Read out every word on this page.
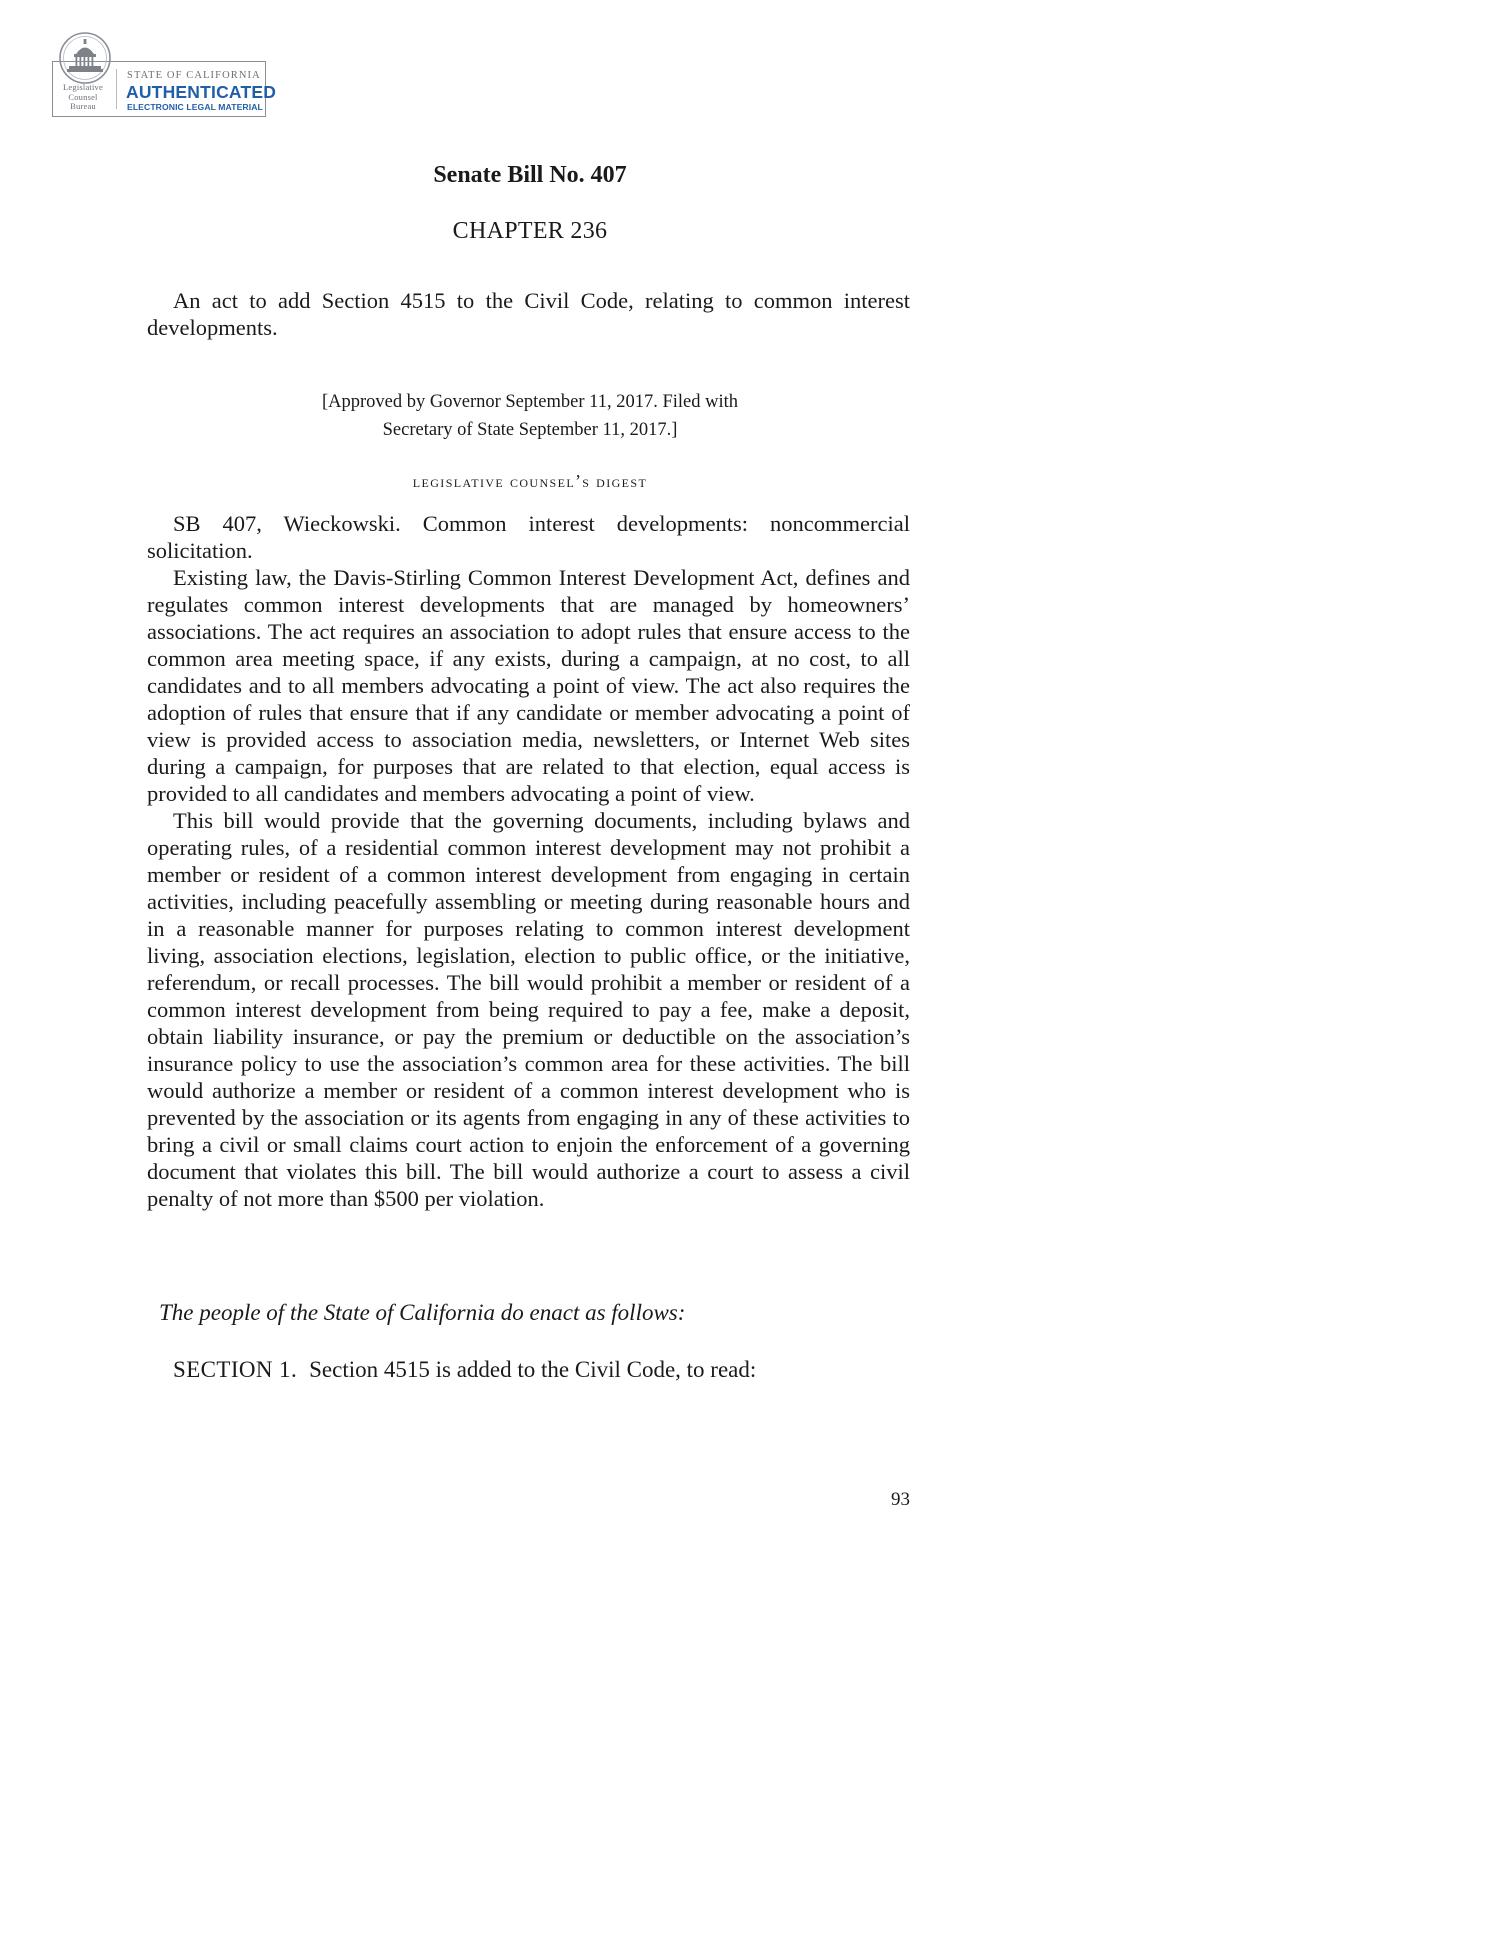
Legislative
Counsel
Bureau
STATE OF CALIFORNIA
AUTHENTICATED
ELECTRONIC LEGAL MATERIAL
Senate Bill No. 407
CHAPTER 236
An act to add Section 4515 to the Civil Code, relating to common interest developments.
[Approved by Governor September 11, 2017. Filed with
Secretary of State September 11, 2017.]
legislative counsel’s digest
SB 407, Wieckowski. Common interest developments: noncommercial solicitation.
Existing law, the Davis-Stirling Common Interest Development Act, defines and regulates common interest developments that are managed by homeowners’ associations. The act requires an association to adopt rules that ensure access to the common area meeting space, if any exists, during a campaign, at no cost, to all candidates and to all members advocating a point of view. The act also requires the adoption of rules that ensure that if any candidate or member advocating a point of view is provided access to association media, newsletters, or Internet Web sites during a campaign, for purposes that are related to that election, equal access is provided to all candidates and members advocating a point of view.
This bill would provide that the governing documents, including bylaws and operating rules, of a residential common interest development may not prohibit a member or resident of a common interest development from engaging in certain activities, including peacefully assembling or meeting during reasonable hours and in a reasonable manner for purposes relating to common interest development living, association elections, legislation, election to public office, or the initiative, referendum, or recall processes. The bill would prohibit a member or resident of a common interest development from being required to pay a fee, make a deposit, obtain liability insurance, or pay the premium or deductible on the association’s insurance policy to use the association’s common area for these activities. The bill would authorize a member or resident of a common interest development who is prevented by the association or its agents from engaging in any of these activities to bring a civil or small claims court action to enjoin the enforcement of a governing document that violates this bill. The bill would authorize a court to assess a civil penalty of not more than $500 per violation.
The people of the State of California do enact as follows:
SECTION 1. Section 4515 is added to the Civil Code, to read:
93
